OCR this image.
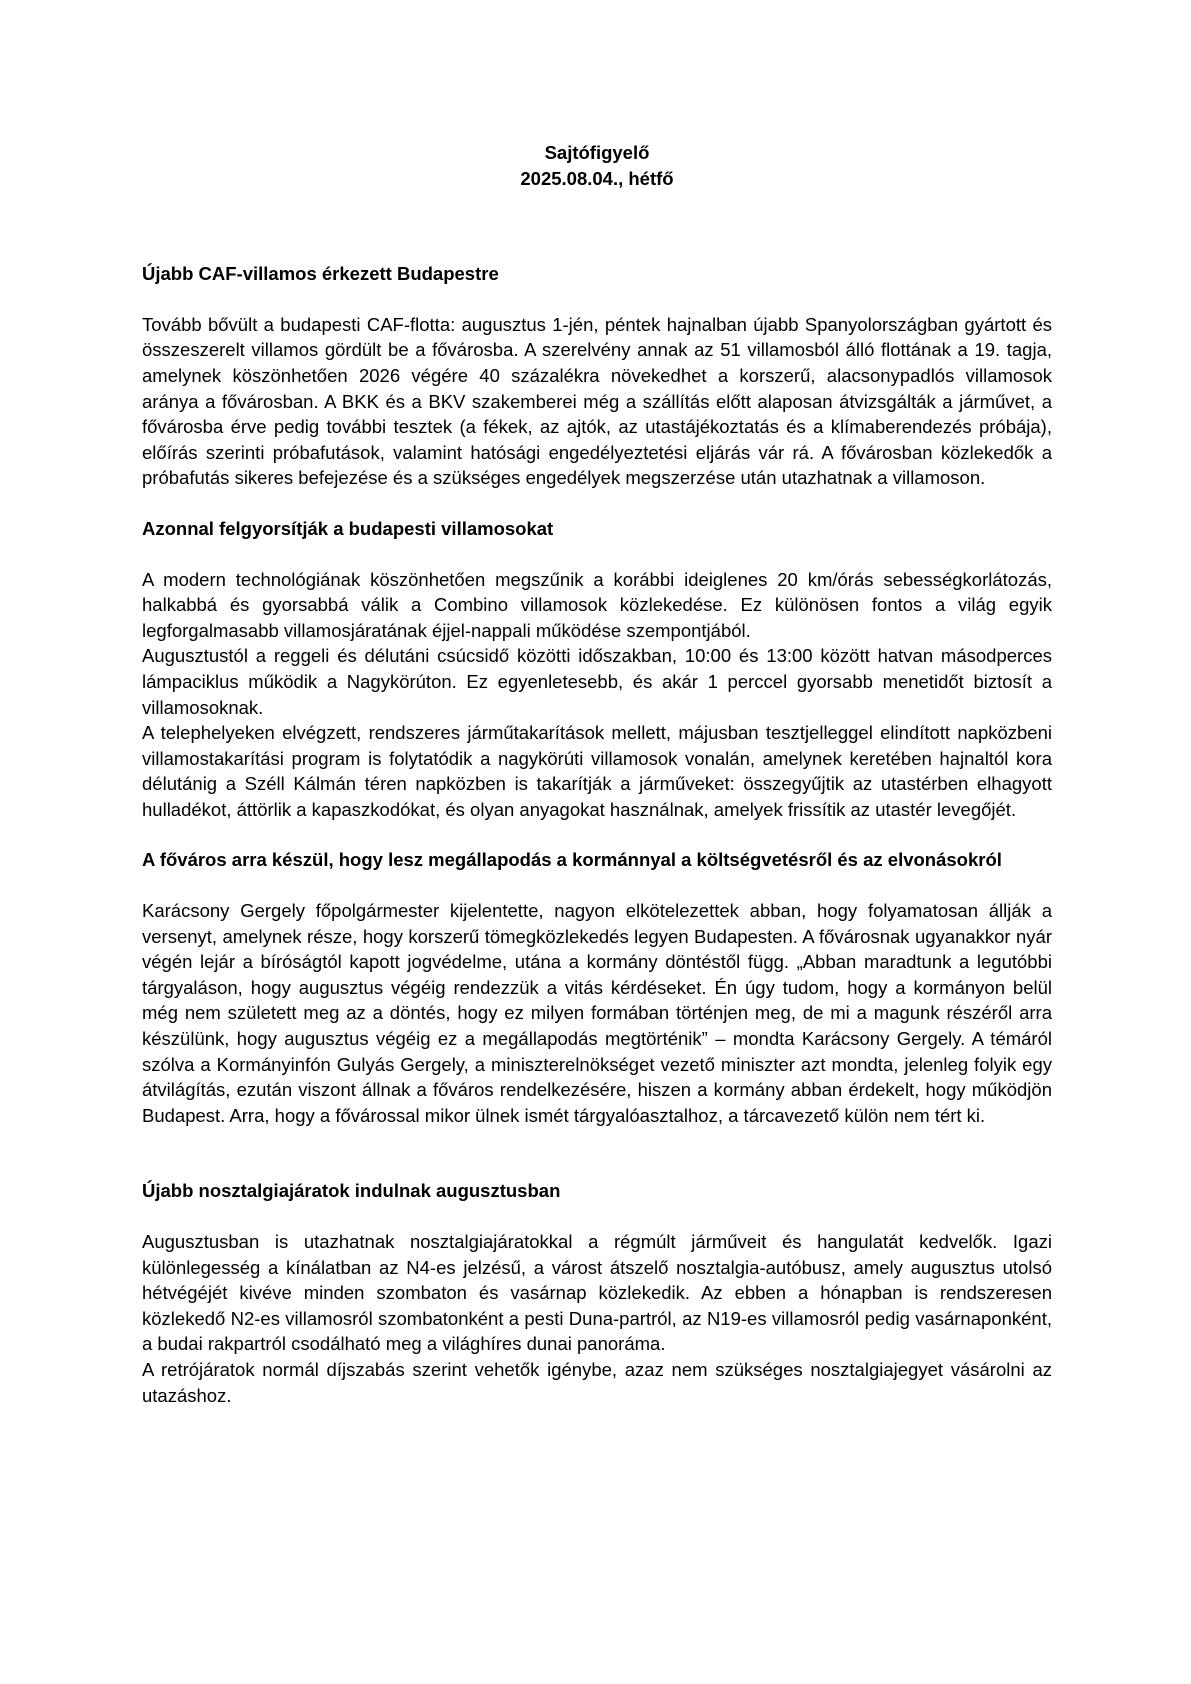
Sajtófigyelő
2025.08.04., hétfő
Újabb CAF-villamos érkezett Budapestre

Tovább bővült a budapesti CAF-flotta: augusztus 1-jén, péntek hajnalban újabb Spanyolországban gyártott és összeszerelt villamos gördült be a fővárosba. A szerelvény annak az 51 villamosból álló flottának a 19. tagja, amelynek köszönhetően 2026 végére 40 százalékra növekedhet a korszerű, alacsonypadlós villamosok aránya a fővárosban. A BKK és a BKV szakemberei még a szállítás előtt alaposan átvizsgálták a járművet, a fővárosba érve pedig további tesztek (a fékek, az ajtók, az utastájékoztatás és a klímaberendezés próbája), előírás szerinti próbafutások, valamint hatósági engedélyeztetési eljárás vár rá. A fővárosban közlekedők a próbafutás sikeres befejezése és a szükséges engedélyek megszerzése után utazhatnak a villamoson.

Azonnal felgyorsítják a budapesti villamosokat

A modern technológiának köszönhetően megszűnik a korábbi ideiglenes 20 km/órás sebességkorlátozás, halkabbá és gyorsabbá válik a Combino villamosok közlekedése. Ez különösen fontos a világ egyik legforgalmasabb villamosjáratának éjjel-nappali működése szempontjából.

Augusztustól a reggeli és délutáni csúcsidő közötti időszakban, 10:00 és 13:00 között hatvan másodperces lámpaciklus működik a Nagykörúton. Ez egyenletesebb, és akár 1 perccel gyorsabb menetidőt biztosít a villamosoknak.

A telephelyeken elvégzett, rendszeres járműtakarítások mellett, májusban tesztjelleggel elindított napközbeni villamostakarítási program is folytatódik a nagykörúti villamosok vonalán, amelynek keretében hajnaltól kora délutánig a Széll Kálmán téren napközben is takarítják a járműveket: összegyűjtik az utastérben elhagyott hulladékot, áttörlik a kapaszkodókat, és olyan anyagokat használnak, amelyek frissítik az utastér levegőjét.

A főváros arra készül, hogy lesz megállapodás a kormánnyal a költségvetésről és az elvonásokról

Karácsony Gergely főpolgármester kijelentette, nagyon elkötelezettek abban, hogy folyamatosan állják a versenyt, amelynek része, hogy korszerű tömegközlekedés legyen Budapesten. A fővárosnak ugyanakkor nyár végén lejár a bíróságtól kapott jogvédelme, utána a kormány döntéstől függ. „Abban maradtunk a legutóbbi tárgyaláson, hogy augusztus végéig rendezzük a vitás kérdéseket. Én úgy tudom, hogy a kormányon belül még nem született meg az a döntés, hogy ez milyen formában történjen meg, de mi a magunk részéről arra készülünk, hogy augusztus végéig ez a megállapodás megtörténik” – mondta Karácsony Gergely. A témáról szólva a Kormányinfón Gulyás Gergely, a miniszterelnökséget vezető miniszter azt mondta, jelenleg folyik egy átvilágítás, ezután viszont állnak a főváros rendelkezésére, hiszen a kormány abban érdekelt, hogy működjön Budapest. Arra, hogy a fővárossal mikor ülnek ismét tárgyalóasztalhoz, a tárcavezető külön nem tért ki.

Újabb nosztalgiajáratok indulnak augusztusban

Augusztusban is utazhatnak nosztalgiajáratokkal a régmúlt járműveit és hangulatát kedvelők. Igazi különlegesség a kínálatban az N4-es jelzésű, a várost átszelő nosztalgia-autóbusz, amely augusztus utolsó hétvégéjét kivéve minden szombaton és vasárnap közlekedik. Az ebben a hónapban is rendszeresen közlekedő N2-es villamosról szombatonként a pesti Duna-partról, az N19-es villamosról pedig vasárnaponként, a budai rakpartról csodálható meg a világhíres dunai panoráma.

A retrójáratok normál díjszabás szerint vehetők igénybe, azaz nem szükséges nosztalgiajegyet vásárolni az utazáshoz.
